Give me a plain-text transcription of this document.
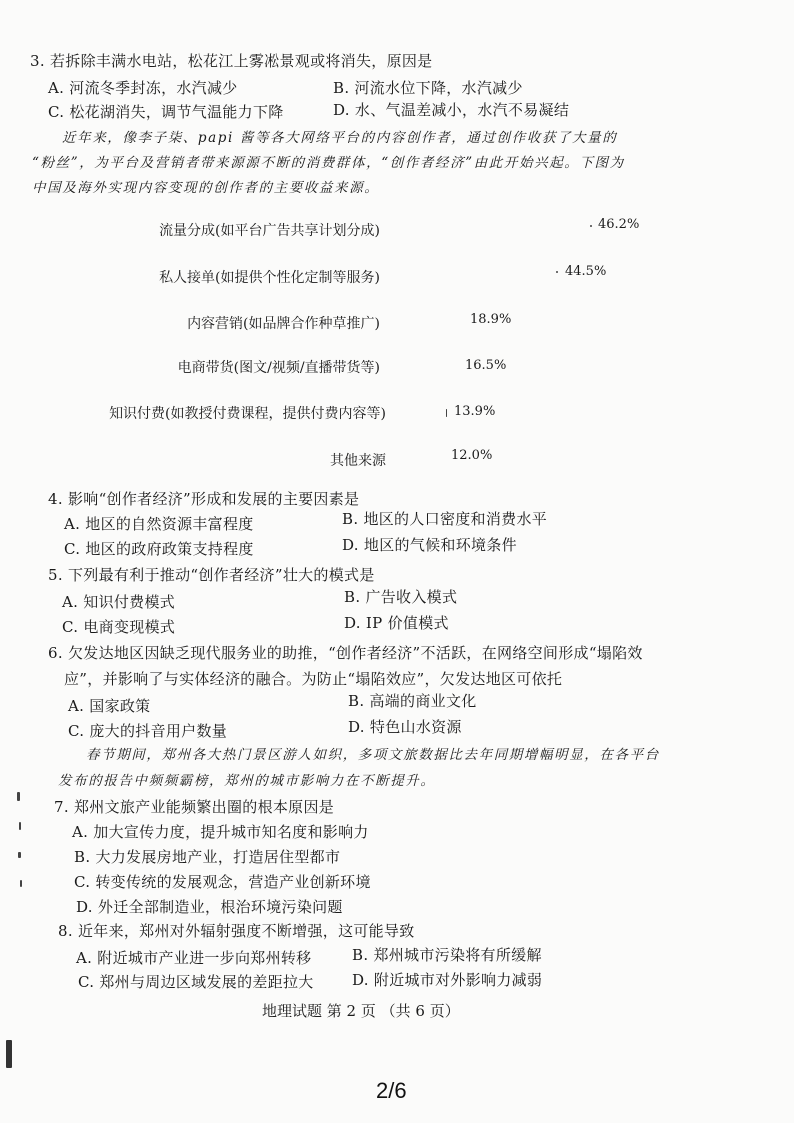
3. 若拆除丰满水电站，松花江上雾凇景观或将消失，原因是
A. 河流冬季封冻，水汽减少	B. 河流水位下降，水汽减少
C. 松花湖消失，调节气温能力下降	D. 水、气温差减小，水汽不易凝结
近年来，像李子柒、papi 酱等各大网络平台的内容创作者，通过创作收获了大量的
“粉丝”，为平台及营销者带来源源不断的消费群体，“创作者经济”由此开始兴起。下图为
中国及海外实现内容变现的创作者的主要收益来源。
流量分成(如平台广告共享计划分成)	46.2%
私人接单(如提供个性化定制等服务)	44.5%
内容营销(如品牌合作种草推广)	18.9%
电商带货(图文/视频/直播带货等)	16.5%
知识付费(如教授付费课程，提供付费内容等)	13.9%
其他来源	12.0%
4. 影响“创作者经济”形成和发展的主要因素是
A. 地区的自然资源丰富程度	B. 地区的人口密度和消费水平
C. 地区的政府政策支持程度	D. 地区的气候和环境条件
5. 下列最有利于推动“创作者经济”壮大的模式是
A. 知识付费模式	B. 广告收入模式
C. 电商变现模式	D. IP 价值模式
6. 欠发达地区因缺乏现代服务业的助推，“创作者经济”不活跃，在网络空间形成“塌陷效
应”，并影响了与实体经济的融合。为防止“塌陷效应”，欠发达地区可依托
A. 国家政策	B. 高端的商业文化
C. 庞大的抖音用户数量	D. 特色山水资源
春节期间，郑州各大热门景区游人如织，多项文旅数据比去年同期增幅明显，在各平台
发布的报告中频频霸榜，郑州的城市影响力在不断提升。
7. 郑州文旅产业能频繁出圈的根本原因是
A. 加大宣传力度，提升城市知名度和影响力
B. 大力发展房地产业，打造居住型都市
C. 转变传统的发展观念，营造产业创新环境
D. 外迁全部制造业，根治环境污染问题
8. 近年来，郑州对外辐射强度不断增强，这可能导致
A. 附近城市产业进一步向郑州转移	B. 郑州城市污染将有所缓解
C. 郑州与周边区域发展的差距拉大	D. 附近城市对外影响力减弱
地理试题 第 2 页 （共 6 页）
2/6
